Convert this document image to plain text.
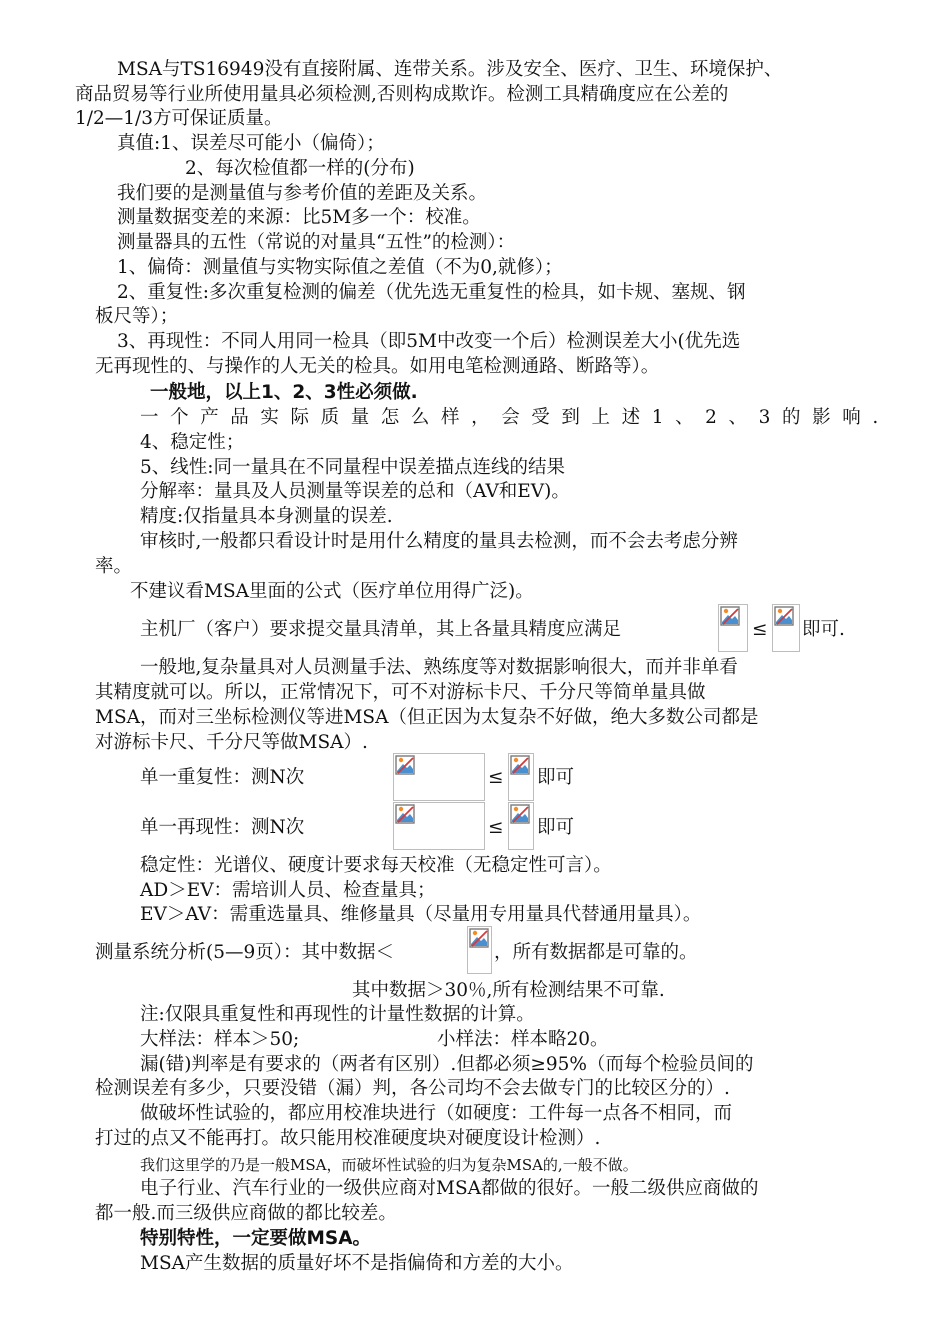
MSA与TS16949没有直接附属、连带关系。涉及安全、医疗、卫生、环境保护、
商品贸易等行业所使用量具必须检测,否则构成欺诈。检测工具精确度应在公差的
1/2—1/3方可保证质量。
真值:1、误差尽可能小（偏倚）；
2、每次检值都一样的(分布)
我们要的是测量值与参考价值的差距及关系。
测量数据变差的来源：比5M多一个：校准。
测量器具的五性（常说的对量具“五性”的检测）：
1、偏倚：测量值与实物实际值之差值（不为0,就修）；
2、重复性:多次重复检测的偏差（优先选无重复性的检具，如卡规、塞规、钢
板尺等）；
3、再现性：不同人用同一检具（即5M中改变一个后）检测误差大小(优先选
无再现性的、与操作的人无关的检具。如用电笔检测通路、断路等）。
一般地，以上1、2、3性必须做.
一个产品实际质量怎么样，会受到上述1、2、3的影响.
4、稳定性；
5、线性:同一量具在不同量程中误差描点连线的结果
分解率：量具及人员测量等误差的总和（AV和EV)。
精度:仅指量具本身测量的误差.
审核时,一般都只看设计时是用什么精度的量具去检测，而不会去考虑分辨
率。
不建议看MSA里面的公式（医疗单位用得广泛)。
主机厂（客户）要求提交量具清单，其上各量具精度应满足	≤ 即可.
一般地,复杂量具对人员测量手法、熟练度等对数据影响很大，而并非单看
其精度就可以。所以，正常情况下，可不对游标卡尺、千分尺等简单量具做
MSA，而对三坐标检测仪等进MSA（但正因为太复杂不好做，绝大多数公司都是
对游标卡尺、千分尺等做MSA）.
单一重复性：测N次	≤ 即可
单一再现性：测N次	≤ 即可
稳定性：光谱仪、硬度计要求每天校准（无稳定性可言）。
AD＞EV：需培训人员、检查量具；
EV＞AV：需重选量具、维修量具（尽量用专用量具代替通用量具）。
测量系统分析(5—9页）：其中数据＜	，所有数据都是可靠的。
其中数据＞30％,所有检测结果不可靠.
注:仅限具重复性和再现性的计量性数据的计算。
大样法：样本＞50;	小样法：样本略20。
漏(错)判率是有要求的（两者有区别）.但都必须≥95%（而每个检验员间的
检测误差有多少，只要没错（漏）判，各公司均不会去做专门的比较区分的）.
做破坏性试验的，都应用校准块进行（如硬度：工件每一点各不相同，而
打过的点又不能再打。故只能用校准硬度块对硬度设计检测）.
我们这里学的乃是一般MSA，而破坏性试验的归为复杂MSA的,一般不做。
电子行业、汽车行业的一级供应商对MSA都做的很好。一般二级供应商做的
都一般.而三级供应商做的都比较差。
特别特性，一定要做MSA。
MSA产生数据的质量好坏不是指偏倚和方差的大小。
